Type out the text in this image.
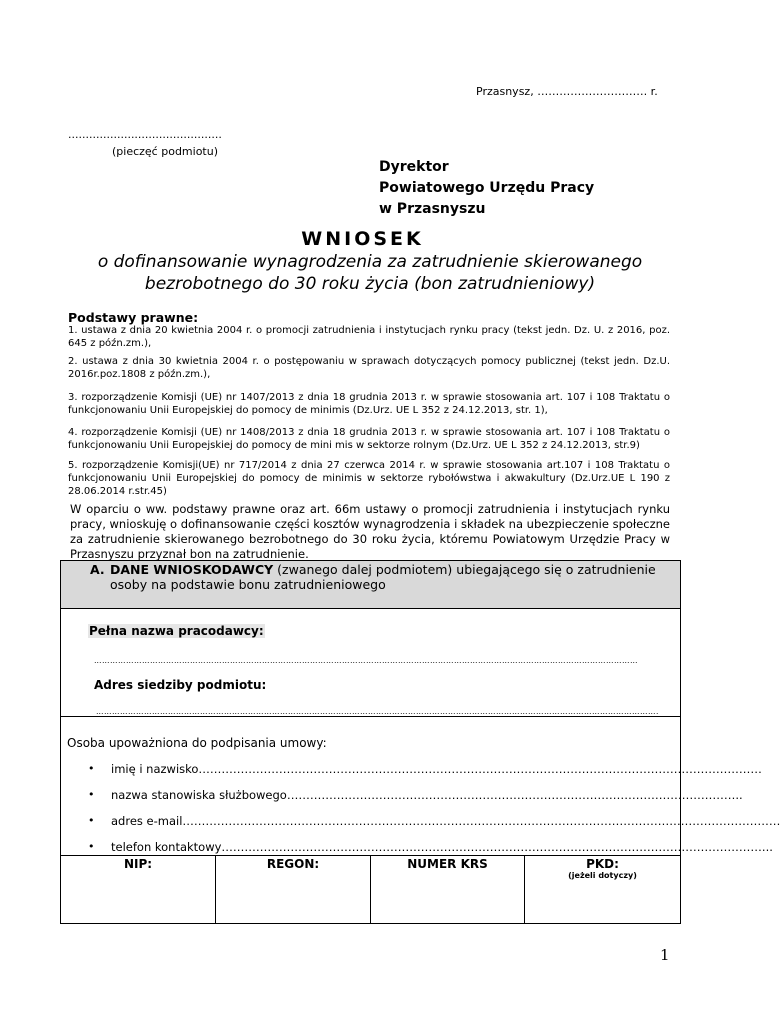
Przasnysz, ………………………… r.
............................................
(pieczęć podmiotu)
Dyrektor
Powiatowego Urzędu Pracy
w Przasnyszu
WNIOSEK
o dofinansowanie wynagrodzenia za zatrudnienie skierowanego
bezrobotnego do 30 roku życia (bon zatrudnieniowy)
Podstawy prawne:
1. ustawa z dnia 20 kwietnia 2004 r. o promocji zatrudnienia i instytucjach rynku pracy (tekst jedn. Dz. U. z 2016, poz. 645 z późn.zm.),
2. ustawa z dnia 30 kwietnia 2004 r. o postępowaniu w sprawach dotyczących pomocy publicznej (tekst jedn. Dz.U. 2016r.poz.1808 z późn.zm.),
3. rozporządzenie Komisji (UE) nr 1407/2013 z dnia 18 grudnia 2013 r. w sprawie stosowania art. 107 i 108 Traktatu o funkcjonowaniu Unii Europejskiej do pomocy de minimis (Dz.Urz. UE L 352 z 24.12.2013, str. 1),
4. rozporządzenie Komisji (UE) nr 1408/2013 z dnia 18 grudnia 2013 r. w sprawie stosowania art. 107 i 108 Traktatu o funkcjonowaniu Unii Europejskiej do pomocy de mini mis w sektorze rolnym (Dz.Urz. UE L 352 z 24.12.2013, str.9)
5. rozporządzenie Komisji(UE) nr 717/2014 z dnia 27 czerwca 2014 r. w sprawie stosowania art.107 i 108 Traktatu o funkcjonowaniu Unii Europejskiej do pomocy de minimis w sektorze rybołówstwa i akwakultury (Dz.Urz.UE L 190 z 28.06.2014 r.str.45)
W oparciu o ww. podstawy prawne oraz art. 66m ustawy o promocji zatrudnienia i instytucjach rynku pracy, wnioskuję o dofinansowanie części kosztów wynagrodzenia i składek na ubezpieczenie społeczne za zatrudnienie skierowanego bezrobotnego do 30 roku życia, któremu Powiatowym Urzędzie Pracy w Przasnyszu przyznał bon na zatrudnienie.
A. DANE WNIOSKODAWCY (zwanego dalej podmiotem) ubiegającego się o zatrudnienie
osoby na podstawie bonu zatrudnieniowego
Pełna nazwa pracodawcy:
……………………………………………………………………………………………………………………………………………………………………………………
Adres siedziby podmiotu:
………………………………………………………………………………………………………………………………………………………………………………………….
Osoba upoważniona do podpisania umowy:
• imię i nazwisko…………………………………………………………………………………………………………………………………
• nazwa stanowiska służbowego………………………………………………………………………………………………………..
• adres e-mail…………………………………………………………………………………………………………………………………………
• telefon kontaktowy……………………………………………………………………………………………………………………………...
NIP:	REGON:	NUMER KRS	PKD:
(jeżeli dotyczy)
1
